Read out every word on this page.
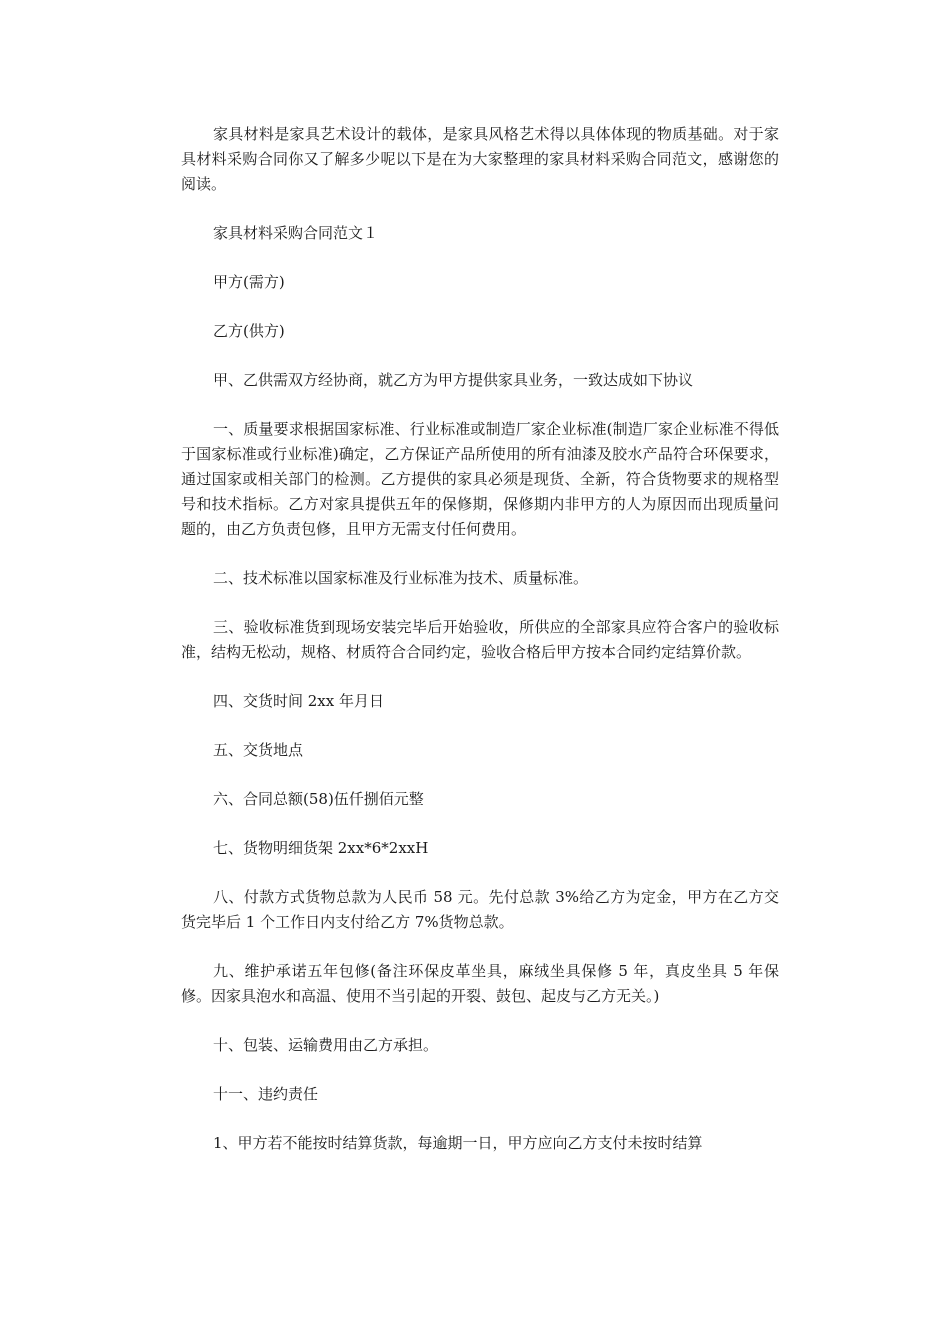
家具材料是家具艺术设计的载体，是家具风格艺术得以具体体现的物质基础。对于家具材料采购合同你又了解多少呢以下是在为大家整理的家具材料采购合同范文，感谢您的阅读。

家具材料采购合同范文１

甲方(需方)

乙方(供方)

甲、乙供需双方经协商，就乙方为甲方提供家具业务，一致达成如下协议

一、质量要求根据国家标准、行业标准或制造厂家企业标准(制造厂家企业标准不得低于国家标准或行业标准)确定，乙方保证产品所使用的所有油漆及胶水产品符合环保要求，通过国家或相关部门的检测。乙方提供的家具必须是现货、全新，符合货物要求的规格型号和技术指标。乙方对家具提供五年的保修期，保修期内非甲方的人为原因而出现质量问题的，由乙方负责包修，且甲方无需支付任何费用。

二、技术标准以国家标准及行业标准为技术、质量标准。

三、验收标准货到现场安装完毕后开始验收，所供应的全部家具应符合客户的验收标准，结构无松动，规格、材质符合合同约定，验收合格后甲方按本合同约定结算价款。

四、交货时间 2xx 年月日

五、交货地点

六、合同总额(58)伍仟捌佰元整

七、货物明细货架 2xx*6*2xxH

八、付款方式货物总款为人民币 58 元。先付总款 3%给乙方为定金，甲方在乙方交货完毕后 1 个工作日内支付给乙方 7%货物总款。

九、维护承诺五年包修(备注环保皮革坐具，麻绒坐具保修 5 年，真皮坐具 5 年保修。因家具泡水和高温、使用不当引起的开裂、鼓包、起皮与乙方无关。)

十、包装、运输费用由乙方承担。

十一、违约责任

1、甲方若不能按时结算货款，每逾期一日，甲方应向乙方支付未按时结算
